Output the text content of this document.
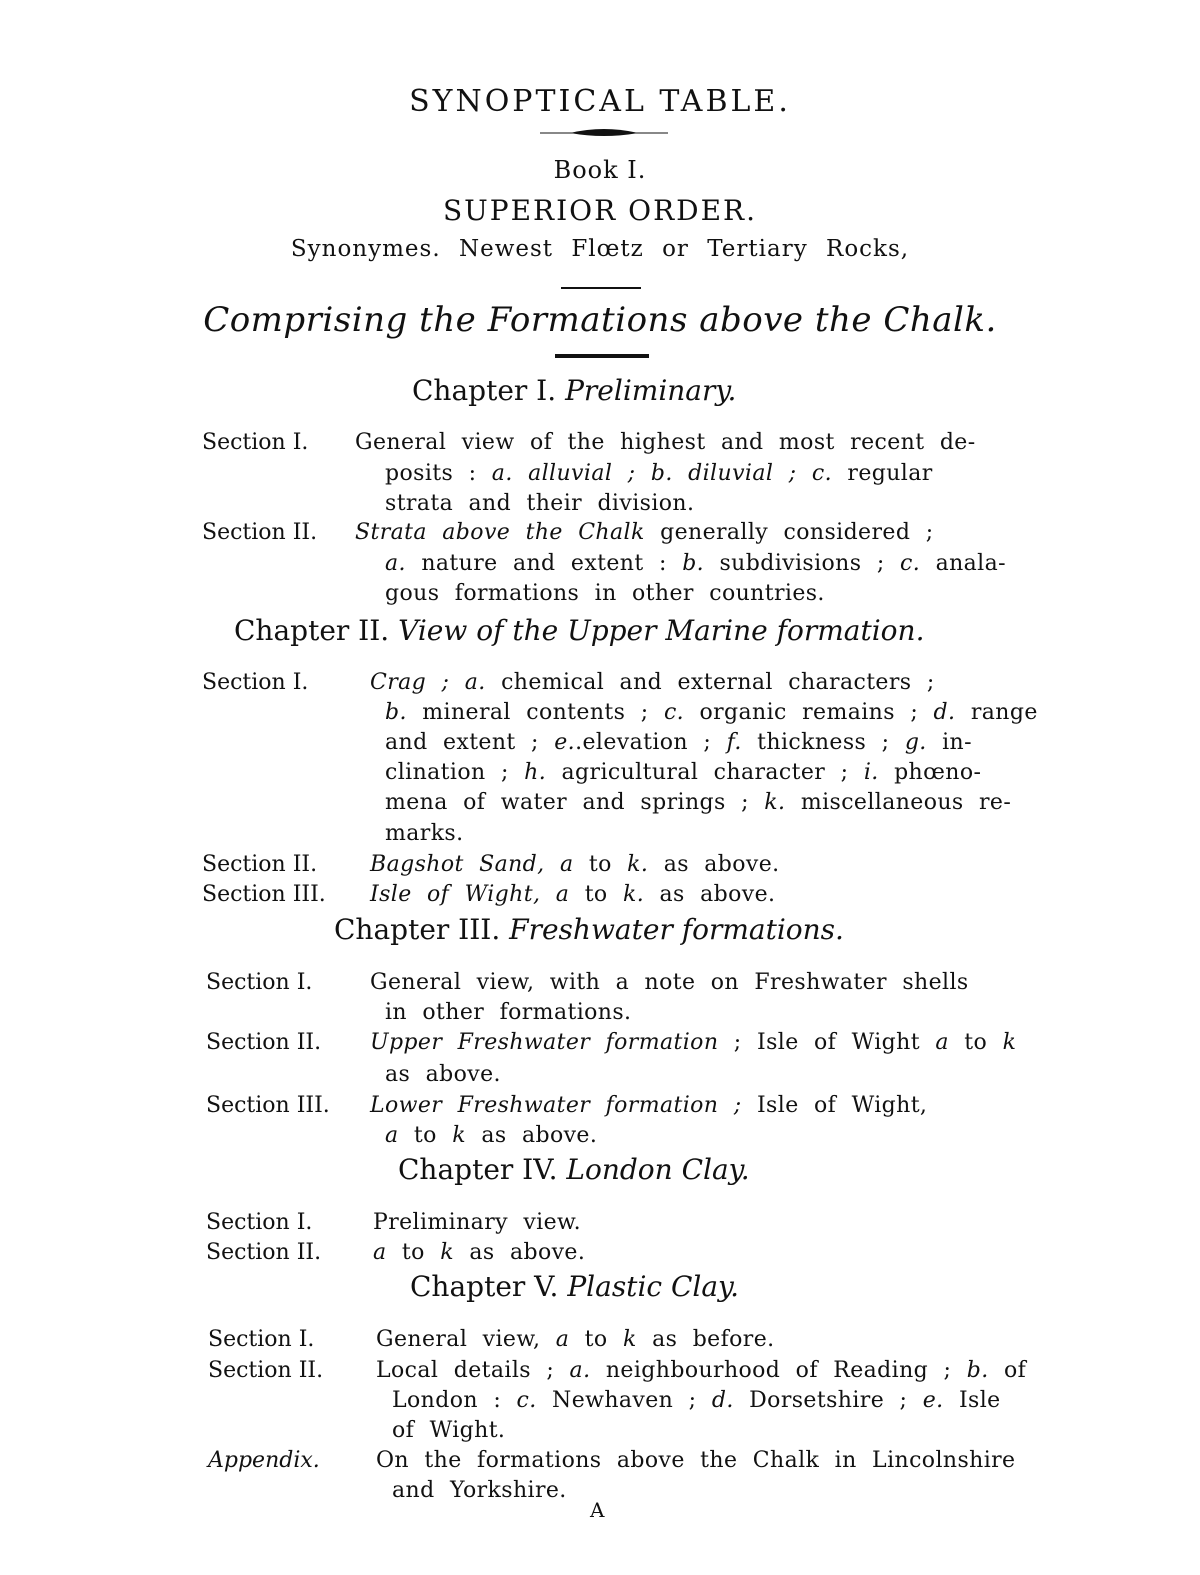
SYNOPTICAL TABLE.
Book I.
SUPERIOR ORDER.
Synonymes. Newest Flœtz or Tertiary Rocks,
Comprising the Formations above the Chalk.
Chapter I. Preliminary.
Section I. General view of the highest and most recent de-
posits : a. alluvial ; b. diluvial ; c. regular
strata and their division.
Section II. Strata above the Chalk generally considered ;
a. nature and extent : b. subdivisions ; c. anala-
gous formations in other countries.
Chapter II. View of the Upper Marine formation.
Section I.	Crag ; a. chemical and external characters ;
b. mineral contents ; c. organic remains ; d. range
and extent ; e..elevation ; f. thickness ; g. in-
clination ; h. agricultural character ; i. phœno-
mena of water and springs ; k. miscellaneous re-
marks.
Section II. Bagshot Sand, a to k. as above.
Section III. Isle of Wight, a to k. as above.
Chapter III. Freshwater formations.
Section I.	General view, with a note on Freshwater shells
in other formations.
Section II. Upper Freshwater formation ; Isle of Wight a to k
as above.
Section III. Lower Freshwater formation ; Isle of Wight,
a to k as above.
Chapter IV. London Clay.
Section I.	Preliminary view.
Section II. a to k as above.
Chapter V. Plastic Clay.
Section I.	General view, a to k as before.
Section II. Local details ; a. neighbourhood of Reading ; b. of
London : c. Newhaven ; d. Dorsetshire ; e. Isle
of Wight.
Appendix.	On the formations above the Chalk in Lincolnshire
and Yorkshire.
A
